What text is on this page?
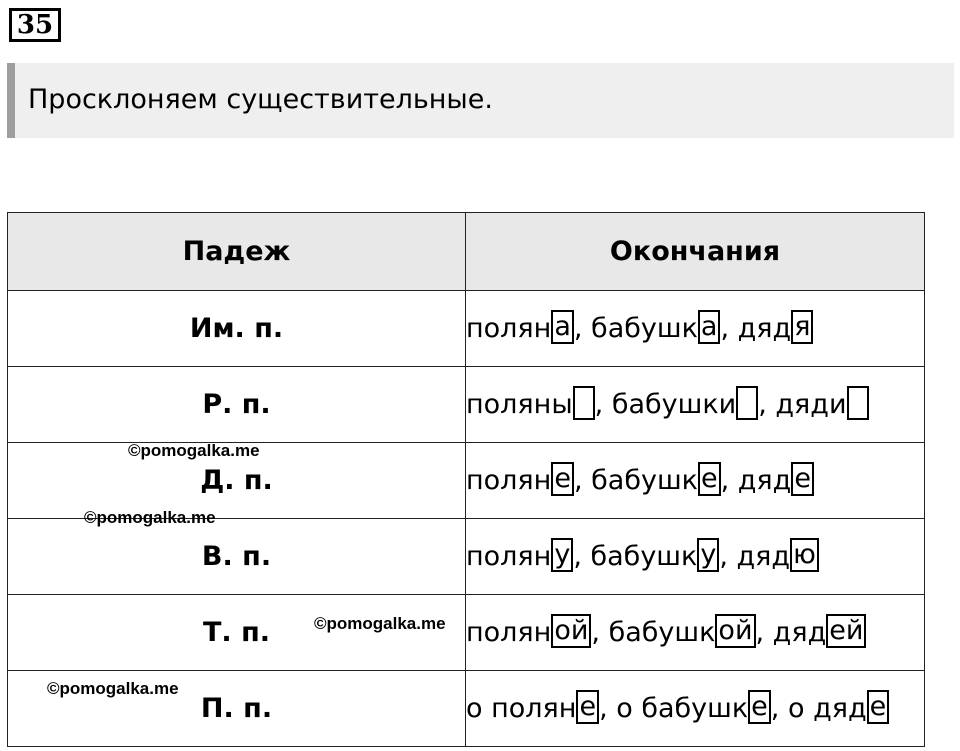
35
Просклоняем существительные.
Падеж	Окончания
Им. п.	полян а , бабушк а , дяд я
Р. п.	поляны , бабушки , дяди
Д. п.	полян е , бабушк е , дяд е
В. п.	полян у , бабушк у , дяд ю
Т. п.	полян ой , бабушк ой , дяд ей
П. п.	о полян е , о бабушк е , о дяд е
©pomogalka.me
©pomogalka.me
©pomogalka.me
©pomogalka.me
